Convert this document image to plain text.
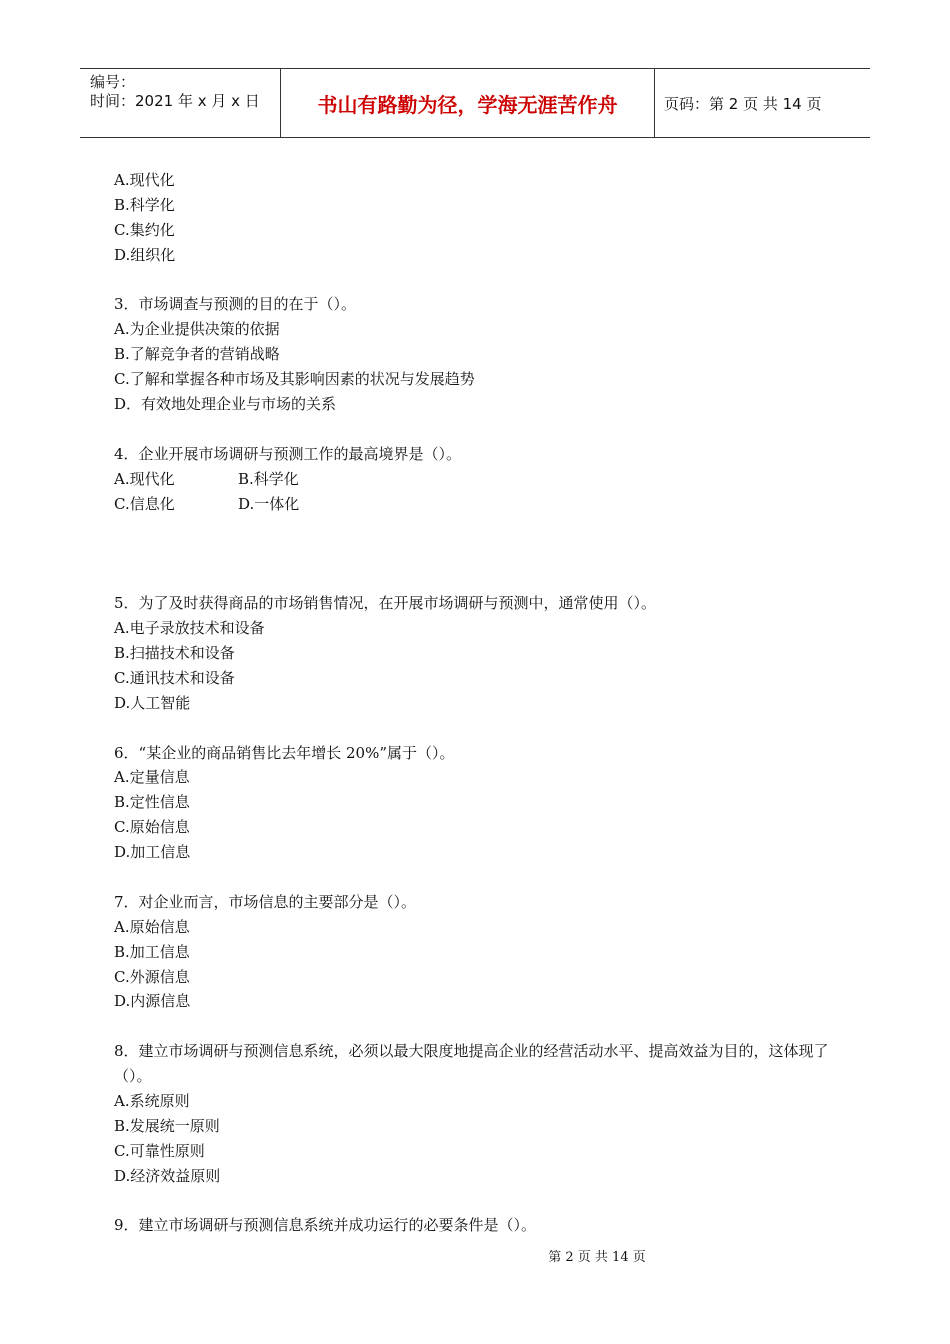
编号：
时间：2021 年 x 月 x 日	书山有路勤为径，学海无涯苦作舟	页码：第 2 页 共 14 页
A.现代化
B.科学化
C.集约化
D.组织化
3．市场调查与预测的目的在于（）。
A.为企业提供决策的依据
B.了解竞争者的营销战略
C.了解和掌握各种市场及其影响因素的状况与发展趋势
D．有效地处理企业与市场的关系
4．企业开展市场调研与预测工作的最高境界是（）。
A.现代化	B.科学化
C.信息化	D.一体化
5．为了及时获得商品的市场销售情况，在开展市场调研与预测中，通常使用（）。
A.电子录放技术和设备
B.扫描技术和设备
C.通讯技术和设备
D.人工智能
6．“某企业的商品销售比去年增长 20%”属于（）。
A.定量信息
B.定性信息
C.原始信息
D.加工信息
7．对企业而言，市场信息的主要部分是（）。
A.原始信息
B.加工信息
C.外源信息
D.内源信息
8．建立市场调研与预测信息系统，必须以最大限度地提高企业的经营活动水平、提高效益为目的，这体现了（）。
A.系统原则
B.发展统一原则
C.可靠性原则
D.经济效益原则
9．建立市场调研与预测信息系统并成功运行的必要条件是（）。
第 2 页 共 14 页
